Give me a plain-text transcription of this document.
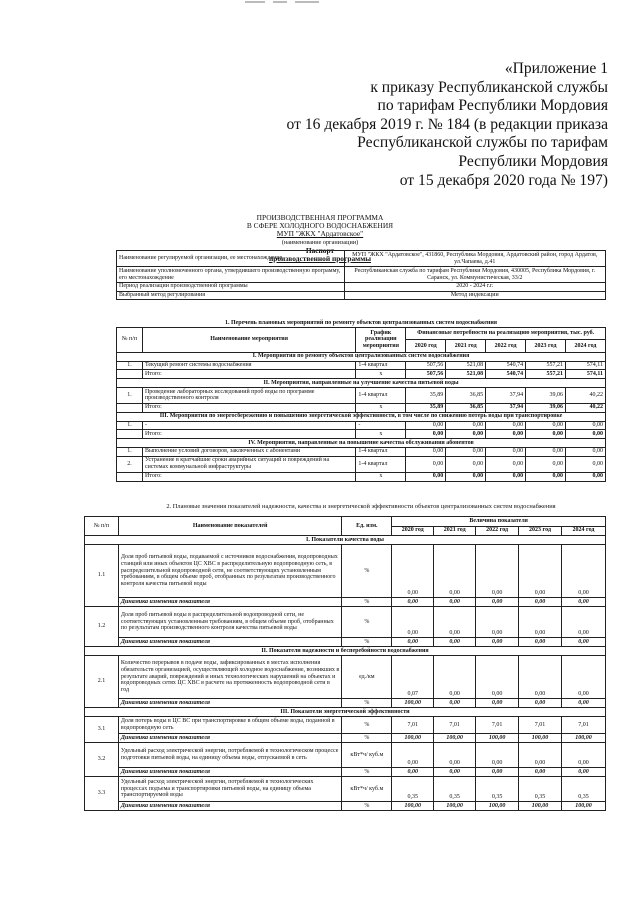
«Приложение 1
к приказу Республиканской службы
по тарифам Республики Мордовия
от 16 декабря 2019 г. № 184 (в редакции приказа
Республиканской службы по тарифам
Республики Мордовия
от 15 декабря 2020 года № 197)
ПРОИЗВОДСТВЕННАЯ ПРОГРАММА
В СФЕРЕ ХОЛОДНОГО ВОДОСНАБЖЕНИЯ
МУП "ЖКХ "Ардатовское"
(наименование организации)
Паспорт
производственной программы
Наименование регулируемой организации, ее местонахождение	МУП "ЖКХ "Ардатовское", 431860, Республика Мордовия, Ардатовский район, город Ардатов, ул.Чапаева, д.41
Наименование уполномоченного органа, утвердившего производственную программу, его местонахождение	Республиканская служба по тарифам Республики Мордовия, 430005, Республика Мордовия, г. Саранск, ул. Коммунистическая, 33/2
Период реализации производственной программы	2020 - 2024 г.г.
Выбранный метод регулирования	Метод индексации
1. Перечень плановых мероприятий по ремонту объектов централизованных систем водоснабжения							
№ п/п	Наименование мероприятия	График реализации мероприятия	Финансовые потребности на реализацию мероприятия, тыс. руб.				
			2020 год	2021 год	2022 год	2023 год	2024 год
I. Мероприятия по ремонту объектов централизованных систем водоснабжения							
1.	Текущий ремонт системы водоснабжения	1-4 квартал	507,56	521,08	540,74	557,21	574,11
	Итого:	х	507,56	521,08	540,74	557,21	574,11
II. Мероприятия, направленные на улучшение качества питьевой воды							
1.	Проведение лабораторных исследований проб воды по программе производственного контроля	1-4 квартал	35,89	36,85	37,94	39,06	40,22
	Итого:	х	35,89	36,85	37,94	39,06	40,22
III. Мероприятия по энергосбережению и повышению энергетической эффективности, в том числе по снижению потерь воды при транспортировке							
1.	-	-	0,00	0,00	0,00	0,00	0,00
	Итого:	х	0,00	0,00	0,00	0,00	0,00
IV. Мероприятия, направленные на повышение качества обслуживания абонентов							
1.	Выполнение условий договоров, заключенных с абонентами	1-4 квартал	0,00	0,00	0,00	0,00	0,00
2.	Устранение в кратчайшие сроки аварийных ситуаций и повреждений на системах коммунальной инфраструктуры	1-4 квартал	0,00	0,00	0,00	0,00	0,00
	Итого:	х	0,00	0,00	0,00	0,00	0,00
2. Плановые значения показателей надежности, качества и энергетической эффективности объектов централизованных систем водоснабжения
№ п/п	Наименование показателей	Ед. изм.	Величина показателя				
			2020 год	2021 год	2022 год	2023 год	2024 год
I. Показатели качества воды							
1.1	Доля проб питьевой воды, подаваемой с источников водоснабжения, водопроводных станций или иных объектов ЦС ХВС в распределительную водопроводную сеть, в распределительной водопроводной сети, не соответствующих установленным требованиям, в общем объеме проб, отобранных по результатам производственного контроля качества питьевой воды	%	0,00	0,00	0,00	0,00	0,00
	Динамика изменения показателя	%	0,00	0,00	0,00	0,00	0,00
1.2	Доля проб питьевой воды в распределительной водопроводной сети, не соответствующих установленным требованиям, в общем объеме проб, отобранных по результатам производственного контроля качества питьевой воды	%	0,00	0,00	0,00	0,00	0,00
	Динамика изменения показателя	%	0,00	0,00	0,00	0,00	0,00
II. Показатели надежности и бесперебойности водоснабжения							
2.1	Количество перерывов в подаче воды, зафиксированных в местах исполнения обязательств организацией, осуществляющей холодное водоснабжение, возникших в результате аварий, повреждений и иных технологических нарушений на объектах и водопроводных сетях ЦС ХВС в расчете на протяженность водопроводной сети в год	ед./км	0,07	0,00	0,00	0,00	0,00
	Динамика изменения показателя	%	100,00	0,00	0,00	0,00	0,00
III. Показатели энергетической эффективности							
3.1	Доля потерь воды в ЦС ВС при транспортировке в общем объеме воды, поданной в водопроводную сеть	%	7,01	7,01	7,01	7,01	7,01
	Динамика изменения показателя	%	100,00	100,00	100,00	100,00	100,00
3.2	Удельный расход электрической энергии, потребляемой в технологическом процессе подготовки питьевой воды, на единицу объема воды, отпускаемой в сеть	кВт*ч/ куб.м	0,00	0,00	0,00	0,00	0,00
	Динамика изменения показателя	%	0,00	0,00	0,00	0,00	0,00
3.3	Удельный расход электрической энергии, потребляемой в технологических процессах подъема и транспортировки питьевой воды, на единицу объема транспортируемой воды	кВт*ч/ куб.м	0,35	0,35	0,35	0,35	0,35
	Динамика изменения показателя	%	100,00	100,00	100,00	100,00	100,00
